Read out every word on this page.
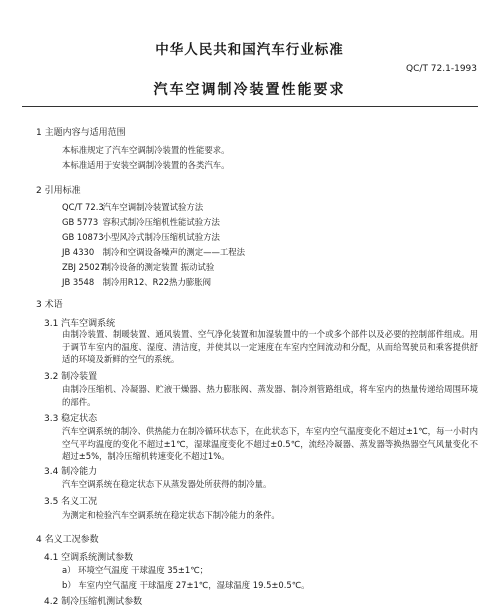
中华人民共和国汽车行业标准
QC/T 72.1-1993
汽车空调制冷装置性能要求
1 主题内容与适用范围
本标准规定了汽车空调制冷装置的性能要求。
本标准适用于安装空调制冷装置的各类汽车。
2 引用标准
QC/T 72.3 汽车空调制冷装置试验方法
GB 5773 容积式制冷压缩机性能试验方法
GB 10873 小型风冷式制冷压缩机试验方法
JB 4330 制冷和空调设备噪声的测定——工程法
ZBJ 25027 制冷设备的测定装置 振动试验
JB 3548 制冷用R12、R22热力膨胀阀
3 术语
3.1 汽车空调系统
由制冷装置、制暖装置、通风装置、空气净化装置和加湿装置中的一个或多个部件以及必要的控制部件组成。用于调节车室内的温度、湿度、清洁度，并使其以一定速度在车室内空间流动和分配，从而给驾驶员和乘客提供舒适的环境及新鲜的空气的系统。
3.2 制冷装置
由制冷压缩机、冷凝器、贮液干燥器、热力膨胀阀、蒸发器、制冷剂管路组成，将车室内的热量传递给周围环境的部件。
3.3 稳定状态
汽车空调系统的制冷、供热能力在制冷循环状态下，在此状态下，车室内空气温度变化不超过±1℃，每一小时内空气平均温度的变化不超过±1℃，湿球温度变化不超过±0.5℃，流经冷凝器、蒸发器等换热器空气风量变化不超过±5%，制冷压缩机转速变化不超过1%。
3.4 制冷能力
汽车空调系统在稳定状态下从蒸发器处所获得的制冷量。
3.5 名义工况
为测定和检验汽车空调系统在稳定状态下制冷能力的条件。
4 名义工况参数
4.1 空调系统测试参数
a） 环境空气温度 干球温度 35±1℃；
b） 车室内空气温度 干球温度 27±1℃，湿球温度 19.5±0.5℃。
4.2 制冷压缩机测试参数
